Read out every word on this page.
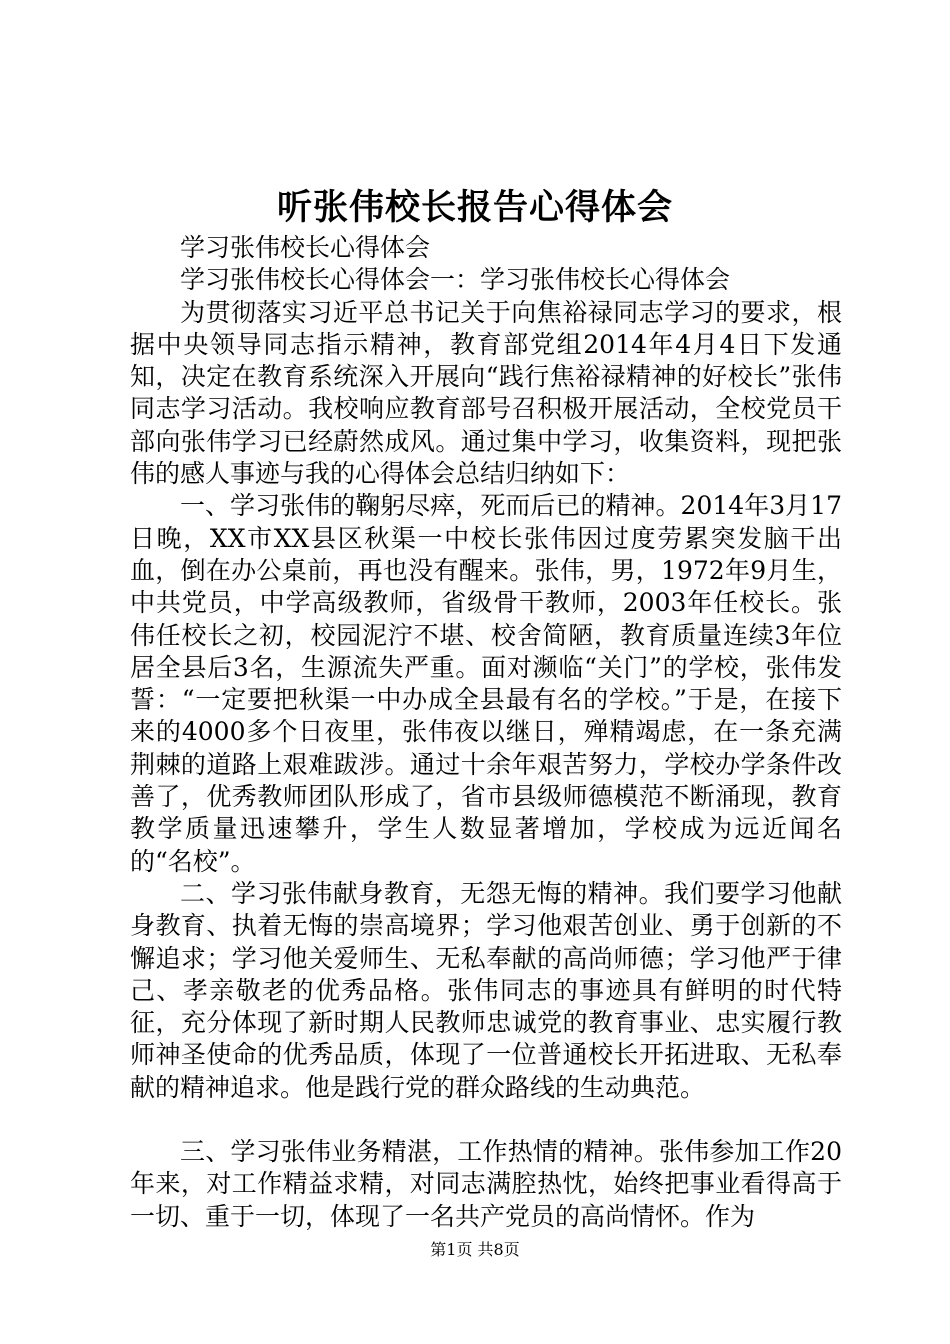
听张伟校长报告心得体会

学习张伟校长心得体会

学习张伟校长心得体会一：学习张伟校长心得体会

为贯彻落实习近平总书记关于向焦裕禄同志学习的要求，根据中央领导同志指示精神，教育部党组2014年4月4日下发通知，决定在教育系统深入开展向“践行焦裕禄精神的好校长”张伟同志学习活动。我校响应教育部号召积极开展活动，全校党员干部向张伟学习已经蔚然成风。通过集中学习，收集资料，现把张伟的感人事迹与我的心得体会总结归纳如下：

一、学习张伟的鞠躬尽瘁，死而后已的精神。2014年3月17日晚，XX市XX县区秋渠一中校长张伟因过度劳累突发脑干出血，倒在办公桌前，再也没有醒来。张伟，男，1972年9月生，中共党员，中学高级教师，省级骨干教师，2003年任校长。张伟任校长之初，校园泥泞不堪、校舍简陋，教育质量连续3年位居全县后3名，生源流失严重。面对濒临“关门”的学校，张伟发誓：“一定要把秋渠一中办成全县最有名的学校。”于是，在接下来的4000多个日夜里，张伟夜以继日，殚精竭虑，在一条充满荆棘的道路上艰难跋涉。通过十余年艰苦努力，学校办学条件改善了，优秀教师团队形成了，省市县级师德模范不断涌现，教育教学质量迅速攀升，学生人数显著增加，学校成为远近闻名的“名校”。

二、学习张伟献身教育，无怨无悔的精神。我们要学习他献身教育、执着无悔的崇高境界；学习他艰苦创业、勇于创新的不懈追求；学习他关爱师生、无私奉献的高尚师德；学习他严于律己、孝亲敬老的优秀品格。张伟同志的事迹具有鲜明的时代特征，充分体现了新时期人民教师忠诚党的教育事业、忠实履行教师神圣使命的优秀品质，体现了一位普通校长开拓进取、无私奉献的精神追求。他是践行党的群众路线的生动典范。

三、学习张伟业务精湛，工作热情的精神。张伟参加工作20年来，对工作精益求精，对同志满腔热忱，始终把事业看得高于一切、重于一切，体现了一名共产党员的高尚情怀。作为

第1页 共8页
